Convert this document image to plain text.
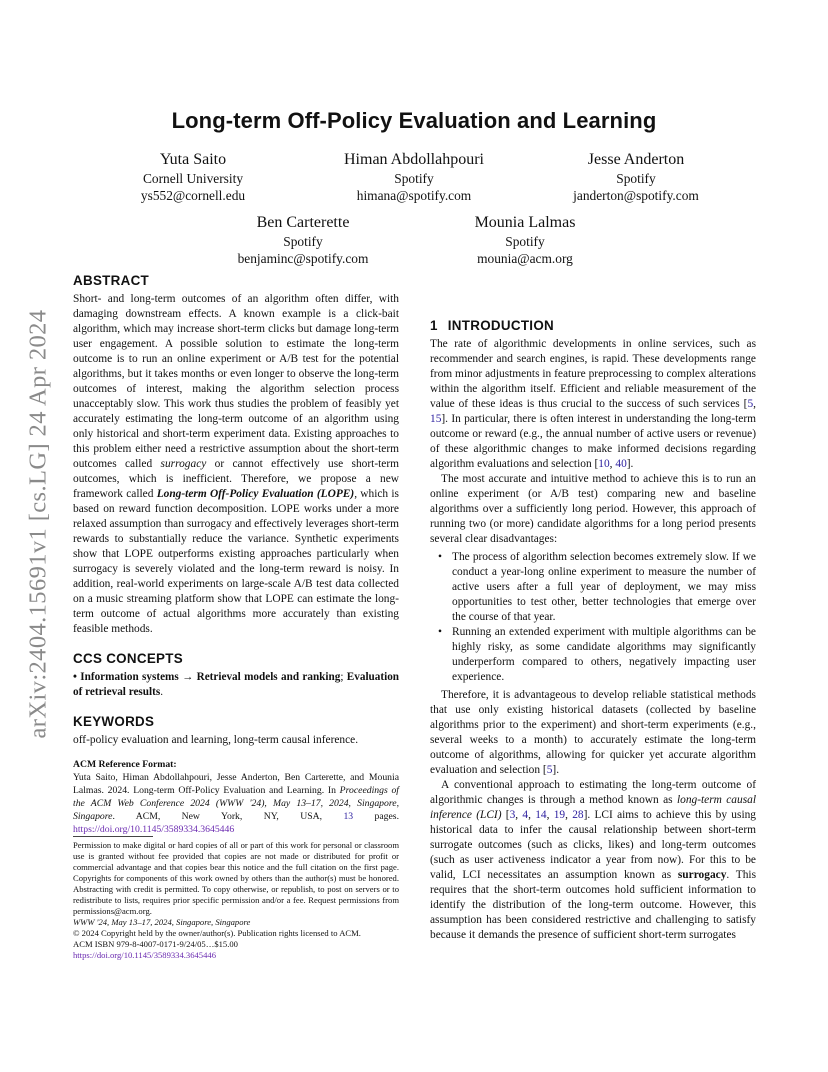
arXiv:2404.15691v1 [cs.LG] 24 Apr 2024
Long-term Off-Policy Evaluation and Learning
Yuta Saito
Cornell University
ys552@cornell.edu
Himan Abdollahpouri
Spotify
himana@spotify.com
Jesse Anderton
Spotify
janderton@spotify.com
Ben Carterette
Spotify
benjaminc@spotify.com
Mounia Lalmas
Spotify
mounia@acm.org
ABSTRACT

Short- and long-term outcomes of an algorithm often differ, with damaging downstream effects. A known example is a click-bait algorithm, which may increase short-term clicks but damage long-term user engagement. A possible solution to estimate the long-term outcome is to run an online experiment or A/B test for the potential algorithms, but it takes months or even longer to observe the long-term outcomes of interest, making the algorithm selection process unacceptably slow. This work thus studies the problem of feasibly yet accurately estimating the long-term outcome of an algorithm using only historical and short-term experiment data. Existing approaches to this problem either need a restrictive assumption about the short-term outcomes called surrogacy or cannot effectively use short-term outcomes, which is inefficient. Therefore, we propose a new framework called Long-term Off-Policy Evaluation (LOPE), which is based on reward function decomposition. LOPE works under a more relaxed assumption than surrogacy and effectively leverages short-term rewards to substantially reduce the variance. Synthetic experiments show that LOPE outperforms existing approaches particularly when surrogacy is severely violated and the long-term reward is noisy. In addition, real-world experiments on large-scale A/B test data collected on a music streaming platform show that LOPE can estimate the long-term outcome of actual algorithms more accurately than existing feasible methods.

CCS CONCEPTS

• Information systems → Retrieval models and ranking; Evaluation of retrieval results.

KEYWORDS

off-policy evaluation and learning, long-term causal inference.

ACM Reference Format:

Yuta Saito, Himan Abdollahpouri, Jesse Anderton, Ben Carterette, and Mounia Lalmas. 2024. Long-term Off-Policy Evaluation and Learning. In Proceedings of the ACM Web Conference 2024 (WWW '24), May 13–17, 2024, Singapore, Singapore. ACM, New York, NY, USA, 13 pages. https://doi.org/10.1145/3589334.3645446

Permission to make digital or hard copies of all or part of this work for personal or classroom use is granted without fee provided that copies are not made or distributed for profit or commercial advantage and that copies bear this notice and the full citation on the first page. Copyrights for components of this work owned by others than the author(s) must be honored. Abstracting with credit is permitted. To copy otherwise, or republish, to post on servers or to redistribute to lists, requires prior specific permission and/or a fee. Request permissions from permissions@acm.org.

WWW '24, May 13–17, 2024, Singapore, Singapore

© 2024 Copyright held by the owner/author(s). Publication rights licensed to ACM.

ACM ISBN 979-8-4007-0171-9/24/05…$15.00

https://doi.org/10.1145/3589334.3645446

1 INTRODUCTION

The rate of algorithmic developments in online services, such as recommender and search engines, is rapid. These developments range from minor adjustments in feature preprocessing to complex alterations within the algorithm itself. Efficient and reliable measurement of the value of these ideas is thus crucial to the success of such services [5, 15]. In particular, there is often interest in understanding the long-term outcome or reward (e.g., the annual number of active users or revenue) of these algorithmic changes to make informed decisions regarding algorithm evaluations and selection [10, 40].

The most accurate and intuitive method to achieve this is to run an online experiment (or A/B test) comparing new and baseline algorithms over a sufficiently long period. However, this approach of running two (or more) candidate algorithms for a long period presents several clear disadvantages:

• The process of algorithm selection becomes extremely slow. If we conduct a year-long online experiment to measure the number of active users after a full year of deployment, we may miss opportunities to test other, better technologies that emerge over the course of that year.
• Running an extended experiment with multiple algorithms can be highly risky, as some candidate algorithms may significantly underperform compared to others, negatively impacting user experience.

Therefore, it is advantageous to develop reliable statistical methods that use only existing historical datasets (collected by baseline algorithms prior to the experiment) and short-term experiments (e.g., several weeks to a month) to accurately estimate the long-term outcome of algorithms, allowing for quicker yet accurate algorithm evaluation and selection [5].

A conventional approach to estimating the long-term outcome of algorithmic changes is through a method known as long-term causal inference (LCI) [3, 4, 14, 19, 28]. LCI aims to achieve this by using historical data to infer the causal relationship between short-term surrogate outcomes (such as clicks, likes) and long-term outcomes (such as user activeness indicator a year from now). For this to be valid, LCI necessitates an assumption known as surrogacy. This requires that the short-term outcomes hold sufficient information to identify the distribution of the long-term outcome. However, this assumption has been considered restrictive and challenging to satisfy because it demands the presence of sufficient short-term surrogates
